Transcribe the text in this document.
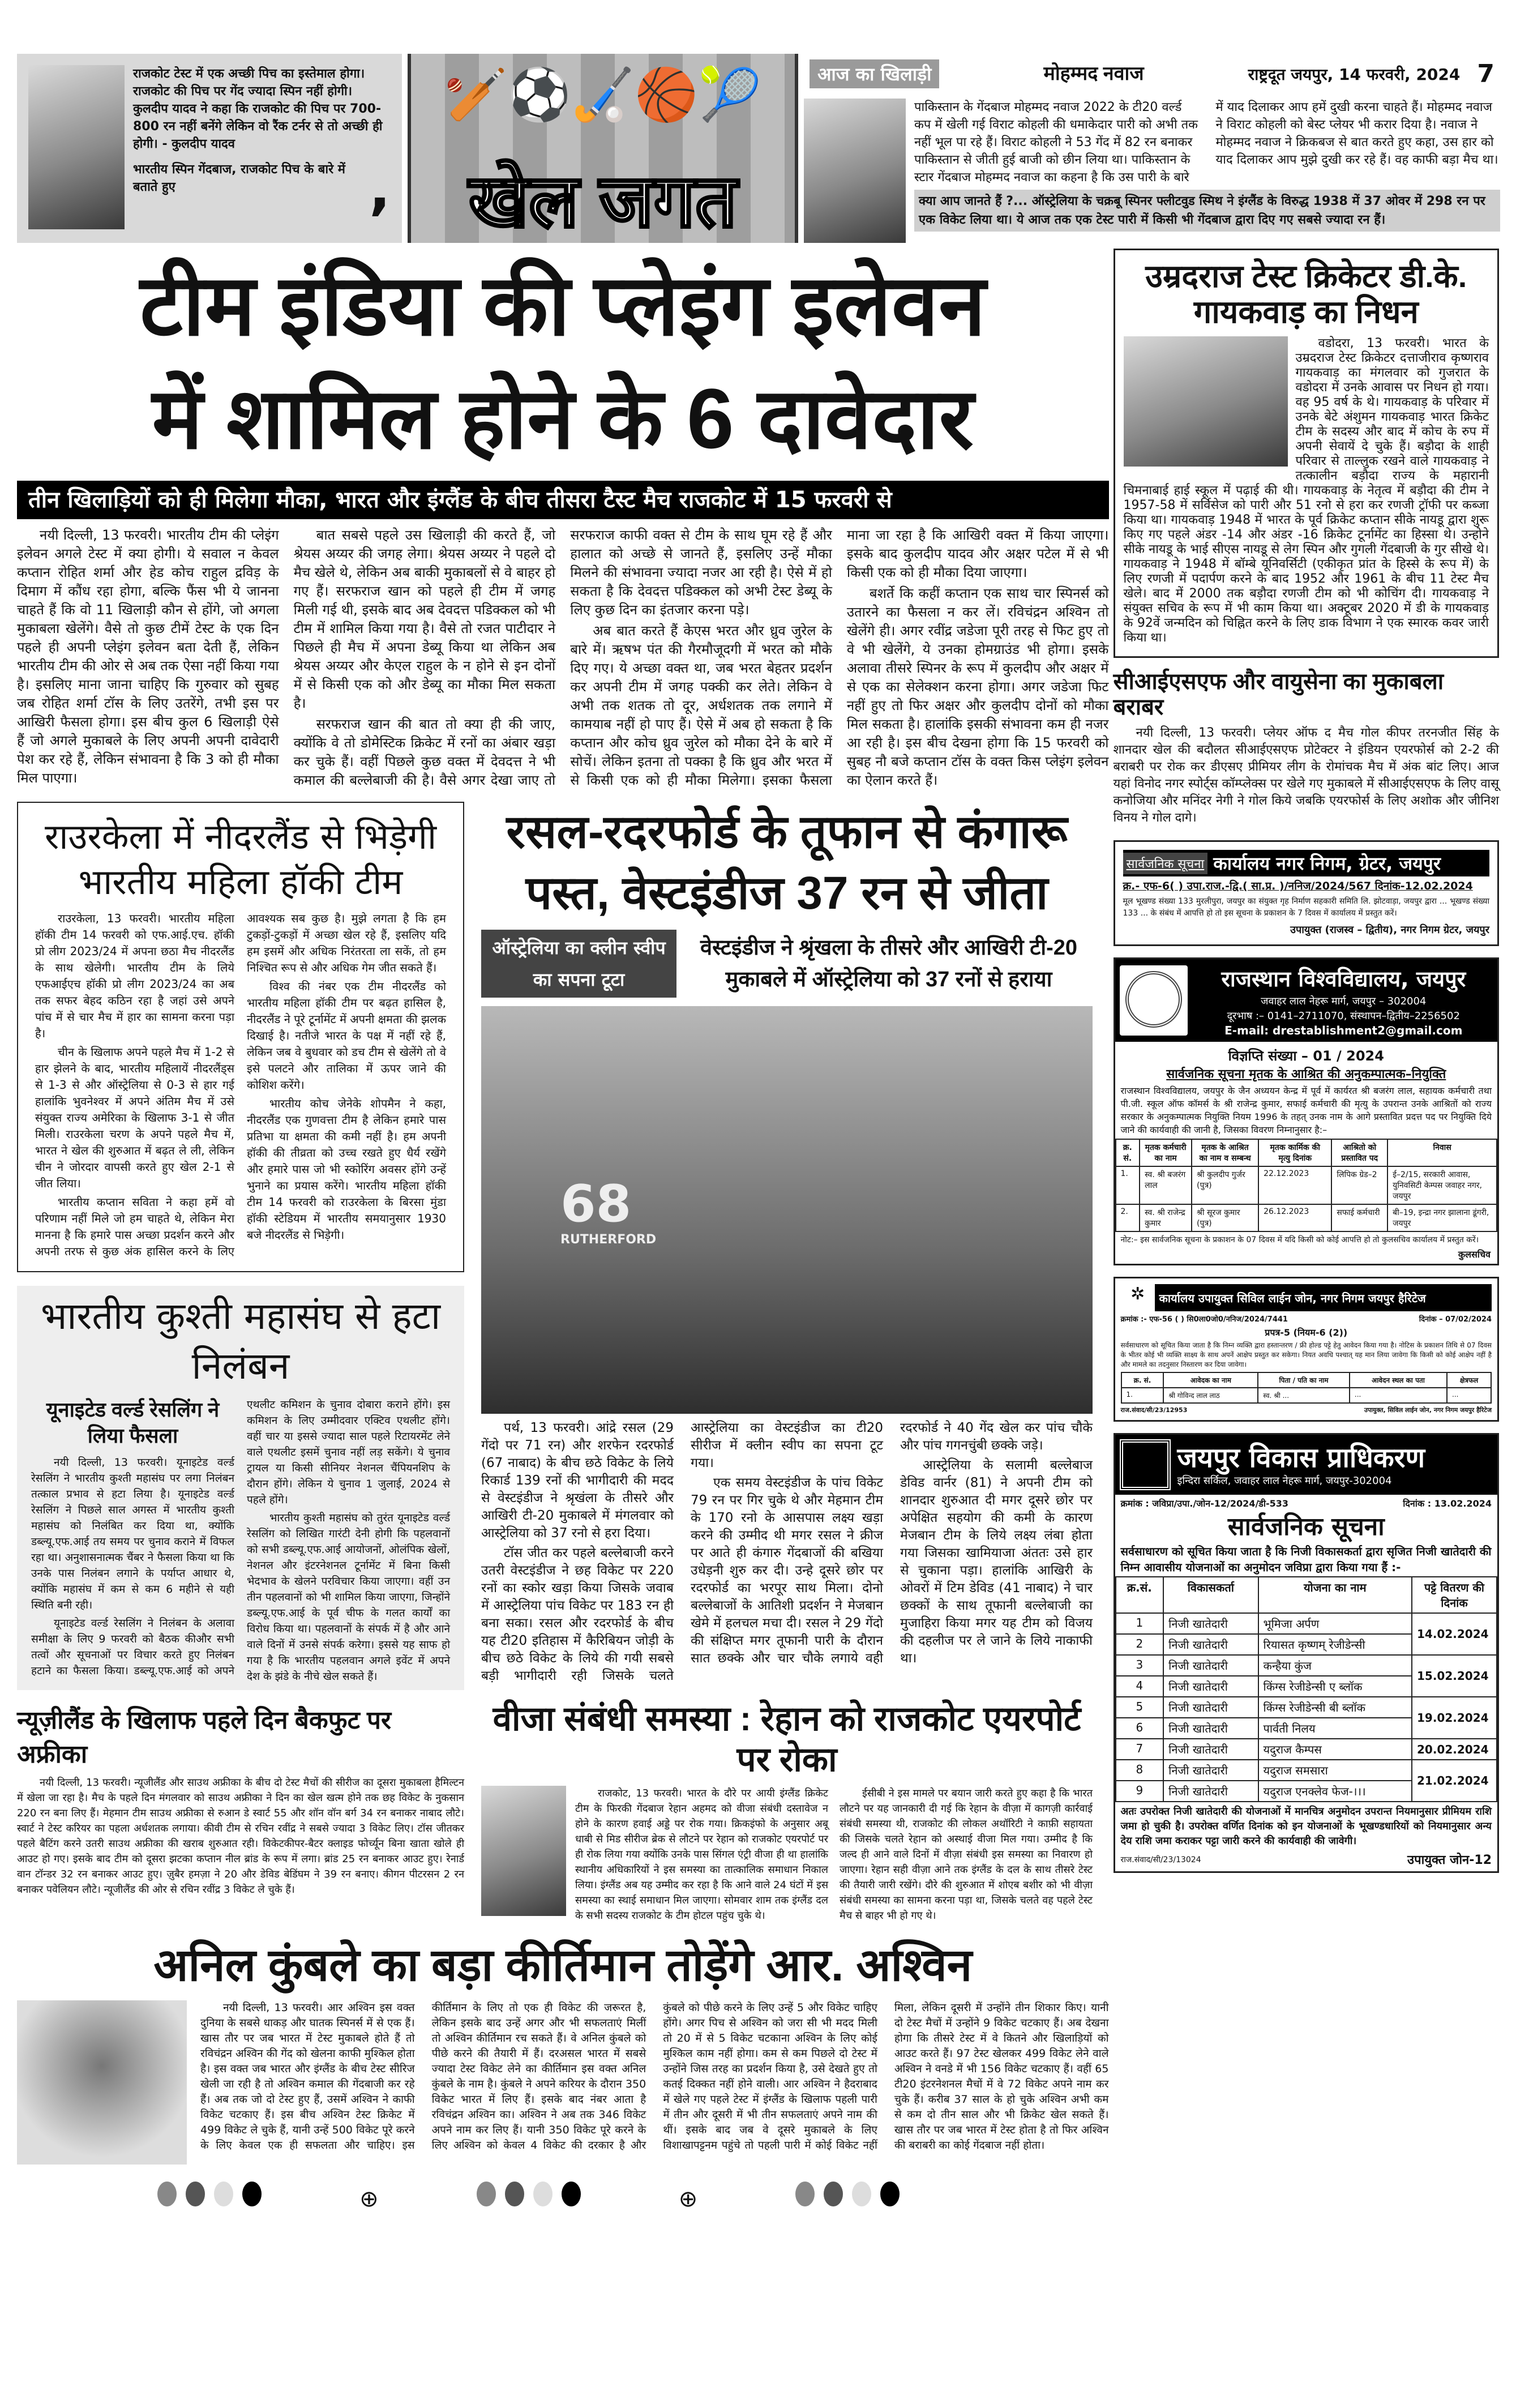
राजकोट टेस्ट में एक अच्छी पिच का इस्तेमाल होगा। राजकोट की पिच पर गेंद ज्यादा स्पिन नहीं होगी। कुलदीप यादव ने कहा कि राजकोट की पिच पर 700-800 रन नहीं बनेंगे लेकिन वो रैंक टर्नर से तो अच्छी ही होगी। - कुलदीप यादव
भारतीय स्पिन गेंदबाज, राजकोट पिच के बारे में बताते हुए	,
🏏⚽🏑🏀🎾
खेल जगत
आज का खिलाड़ी	मोहम्मद नवाज	राष्ट्रदूत जयपुर, 14 फरवरी, 2024 7
पाकिस्तान के गेंदबाज मोहम्मद नवाज 2022 के टी20 वर्ल्ड कप में खेली गई विराट कोहली की धमाकेदार पारी को अभी तक नहीं भूल पा रहे हैं। विराट कोहली ने 53 गेंद में 82 रन बनाकर पाकिस्तान से जीती हुई बाजी को छीन लिया था। पाकिस्तान के स्टार गेंदबाज मोहम्मद नवाज का कहना है कि उस पारी के बारे में याद दिलाकर आप हमें दुखी करना चाहते हैं। मोहम्मद नवाज ने विराट कोहली को बेस्ट प्लेयर भी करार दिया है। नवाज ने मोहम्मद नवाज ने क्रिकबज से बात करते हुए कहा, उस हार को याद दिलाकर आप मुझे दुखी कर रहे हैं। वह काफी बड़ा मैच था।
क्या आप जानते हैं ?... ऑस्ट्रेलिया के चक्रबू स्पिनर फ्लीटवुड स्मिथ ने इंग्लैंड के विरुद्ध 1938 में 37 ओवर में 298 रन पर एक विकेट लिया था। ये आज तक एक टेस्ट पारी में किसी भी गेंदबाज द्वारा दिए गए सबसे ज्यादा रन हैं।
टीम इंडिया की प्लेइंग इलेवन
में शामिल होने के 6 दावेदार
तीन खिलाड़ियों को ही मिलेगा मौका, भारत और इंग्लैंड के बीच तीसरा टैस्ट मैच राजकोट में 15 फरवरी से

नयी दिल्ली, 13 फरवरी। भारतीय टीम की प्लेइंग इलेवन अगले टेस्ट में क्या होगी। ये सवाल न केवल कप्तान रोहित शर्मा और हेड कोच राहुल द्रविड़ के दिमाग में कौंध रहा होगा, बल्कि फैंस भी ये जानना चाहते हैं कि वो 11 खिलाड़ी कौन से होंगे, जो अगला मुकाबला खेलेंगे। वैसे तो कुछ टीमें टेस्ट के एक दिन पहले ही अपनी प्लेइंग इलेवन बता देती हैं, लेकिन भारतीय टीम की ओर से अब तक ऐसा नहीं किया गया है। इसलिए माना जाना चाहिए कि गुरुवार को सुबह जब रोहित शर्मा टॉस के लिए उतरेंगे, तभी इस पर आखिरी फैसला होगा। इस बीच कुल 6 खिलाड़ी ऐसे हैं जो अगले मुकाबले के लिए अपनी अपनी दावेदारी पेश कर रहे हैं, लेकिन संभावना है कि 3 को ही मौका मिल पाएगा।

बात सबसे पहले उस खिलाड़ी की करते हैं, जो श्रेयस अय्यर की जगह लेगा। श्रेयस अय्यर ने पहले दो मैच खेले थे, लेकिन अब बाकी मुकाबलों से वे बाहर हो गए हैं। सरफराज खान को पहले ही टीम में जगह मिली गई थी, इसके बाद अब देवदत्त पडिक्कल को भी टीम में शामिल किया गया है। वैसे तो रजत पाटीदार ने पिछले ही मैच में अपना डेब्यू किया था लेकिन अब श्रेयस अय्यर और केएल राहुल के न होने से इन दोनों में से किसी एक को और डेब्यू का मौका मिल सकता है।

सरफराज खान की बात तो क्या ही की जाए, क्योंकि वे तो डोमेस्टिक क्रिकेट में रनों का अंबार खड़ा कर चुके हैं। वहीं पिछले कुछ वक्त में देवदत्त ने भी कमाल की बल्लेबाजी की है। वैसे अगर देखा जाए तो सरफराज काफी वक्त से टीम के साथ घूम रहे हैं और हालात को अच्छे से जानते हैं, इसलिए उन्हें मौका मिलने की संभावना ज्यादा नजर आ रही है। ऐसे में हो सकता है कि देवदत्त पडिक्कल को अभी टेस्ट डेब्यू के लिए कुछ दिन का इंतजार करना पड़े।

अब बात करते हैं केएस भरत और ध्रुव जुरेल के बारे में। ऋषभ पंत की गैरमौजूदगी में भरत को मौके दिए गए। ये अच्छा वक्त था, जब भरत बेहतर प्रदर्शन कर अपनी टीम में जगह पक्की कर लेते। लेकिन वे अभी तक शतक तो दूर, अर्धशतक तक लगाने में कामयाब नहीं हो पाए हैं। ऐसे में अब हो सकता है कि कप्तान और कोच ध्रुव जुरेल को मौका देने के बारे में सोचें। लेकिन इतना तो पक्का है कि ध्रुव और भरत में से किसी एक को ही मौका मिलेगा। इसका फैसला माना जा रहा है कि आखिरी वक्त में किया जाएगा। इसके बाद कुलदीप यादव और अक्षर पटेल में से भी किसी एक को ही मौका दिया जाएगा।

बशर्ते कि कहीं कप्तान एक साथ चार स्पिनर्स को उतारने का फैसला न कर लें। रविचंद्रन अश्विन तो खेलेंगे ही। अगर रवींद्र जडेजा पूरी तरह से फिट हुए तो वे भी खेलेंगे, ये उनका होमग्राउंड भी होगा। इसके अलावा तीसरे स्पिनर के रूप में कुलदीप और अक्षर में से एक का सेलेक्शन करना होगा। अगर जडेजा फिट नहीं हुए तो फिर अक्षर और कुलदीप दोनों को मौका मिल सकता है। हालांकि इसकी संभावना कम ही नजर आ रही है। इस बीच देखना होगा कि 15 फरवरी को सुबह नौ बजे कप्तान टॉस के वक्त किस प्लेइंग इलेवन का ऐलान करते हैं।

राउरकेला में नीदरलैंड से भिड़ेगी भारतीय महिला हॉकी टीम

राउरकेला, 13 फरवरी। भारतीय महिला हॉकी टीम 14 फरवरी को एफ.आई.एच. हॉकी प्रो लीग 2023/24 में अपना छठा मैच नीदरलैंड के साथ खेलेगी। भारतीय टीम के लिये एफआईएच हॉकी प्रो लीग 2023/24 का अब तक सफर बेहद कठिन रहा है जहां उसे अपने पांच में से चार मैच में हार का सामना करना पड़ा है।

चीन के खिलाफ अपने पहले मैच में 1-2 से हार झेलने के बाद, भारतीय महिलायें नीदरलैंड्स से 1-3 से और ऑस्ट्रेलिया से 0-3 से हार गई हालांकि भुवनेश्वर में अपने अंतिम मैच में उसे संयुक्त राज्य अमेरिका के खिलाफ 3-1 से जीत मिली। राउरकेला चरण के अपने पहले मैच में, भारत ने खेल की शुरुआत में बढ़त ले ली, लेकिन चीन ने जोरदार वापसी करते हुए खेल 2-1 से जीत लिया।

भारतीय कप्तान सविता ने कहा हमें वो परिणाम नहीं मिले जो हम चाहते थे, लेकिन मेरा मानना है कि हमारे पास अच्छा प्रदर्शन करने और अपनी तरफ से कुछ अंक हासिल करने के लिए आवश्यक सब कुछ है। मुझे लगता है कि हम टुकड़ों-टुकड़ों में अच्छा खेल रहे हैं, इसलिए यदि हम इसमें और अधिक निरंतरता ला सकें, तो हम निश्चित रूप से और अधिक गेम जीत सकते हैं।

विश्व की नंबर एक टीम नीदरलैंड को भारतीय महिला हॉकी टीम पर बढ़त हासिल है, नीदरलैंड ने पूरे टूर्नामेंट में अपनी क्षमता की झलक दिखाई है। नतीजे भारत के पक्ष में नहीं रहे हैं, लेकिन जब वे बुधवार को डच टीम से खेलेंगे तो वे इसे पलटने और तालिका में ऊपर जाने की कोशिश करेंगे।

भारतीय कोच जेनेके शोपमैन ने कहा, नीदरलैंड एक गुणवत्ता टीम है लेकिन हमारे पास प्रतिभा या क्षमता की कमी नहीं है। हम अपनी हॉकी की तीव्रता को उच्च रखते हुए धैर्य रखेंगे और हमारे पास जो भी स्कोरिंग अवसर होंगे उन्हें भुनाने का प्रयास करेंगे। भारतीय महिला हॉकी टीम 14 फरवरी को राउरकेला के बिरसा मुंडा हॉकी स्टेडियम में भारतीय समयानुसार 1930 बजे नीदरलैंड से भिड़ेगी।

भारतीय कुश्ती महासंघ से हटा निलंबन
यूनाइटेड वर्ल्ड रेसलिंग ने लिया फैसला

नयी दिल्ली, 13 फरवरी। यूनाइटेड वर्ल्ड रेसलिंग ने भारतीय कुश्ती महासंघ पर लगा निलंबन तत्काल प्रभाव से हटा लिया है। यूनाइटेड वर्ल्ड रेसलिंग ने पिछले साल अगस्त में भारतीय कुश्ती महासंघ को निलंबित कर दिया था, क्योंकि डब्ल्यू.एफ.आई तय समय पर चुनाव कराने में विफल रहा था। अनुशासनात्मक चैंबर ने फैसला किया था कि उनके पास निलंबन लगाने के पर्याप्त आधार थे, क्योंकि महासंघ में कम से कम 6 महीने से यही स्थिति बनी रही।

यूनाइटेड वर्ल्ड रेसलिंग ने निलंबन के अलावा समीक्षा के लिए 9 फरवरी को बैठक कीऔर सभी तत्वों और सूचनाओं पर विचार करते हुए निलंबन हटाने का फैसला किया। डब्ल्यू.एफ.आई को अपने एथलीट कमिशन के चुनाव दोबारा कराने होंगे। इस कमिशन के लिए उम्मीदवार एक्टिव एथलीट होंगे। वहीं चार या इससे ज्यादा साल पहले रिटायरमेंट लेने वाले एथलीट इसमें चुनाव नहीं लड़ सकेंगे। ये चुनाव ट्रायल या किसी सीनियर नेशनल चैंपियनशिप के दौरान होंगे। लेकिन ये चुनाव 1 जुलाई, 2024 से पहले होंगे।

भारतीय कुश्ती महासंघ को तुरंत यूनाइटेड वर्ल्ड रेसलिंग को लिखित गारंटी देनी होगी कि पहलवानों को सभी डब्ल्यू.एफ.आई आयोजनों, ओलंपिक खेलों, नेशनल और इंटरनेशनल टूर्नामेंट में बिना किसी भेदभाव के खेलने परविचार किया जाएगा। वहीं उन तीन पहलवानों को भी शामिल किया जाएगा, जिन्होंने डब्ल्यू.एफ.आई के पूर्व चीफ के गलत कार्यों का विरोध किया था। पहलवानों के संपर्क में है और आने वाले दिनों में उनसे संपर्क करेगा। इससे यह साफ हो गया है कि भारतीय पहलवान अगले इवेंट में अपने देश के झंडे के नीचे खेल सकते हैं।

न्यूज़ीलैंड के खिलाफ पहले दिन बैकफुट पर अफ्रीका

नयी दिल्ली, 13 फरवरी। न्यूजीलैंड और साउथ अफ्रीका के बीच दो टेस्ट मैचों की सीरीज का दूसरा मुकाबला हैमिल्टन में खेला जा रहा है। मैच के पहले दिन मंगलवार को साउथ अफ्रीका ने दिन का खेल खत्म होने तक छह विकेट के नुकसान 220 रन बना लिए हैं। मेहमान टीम साउथ अफ्रीका से रुआन डे स्वार्ट 55 और शॉन वॉन बर्ग 34 रन बनाकर नाबाद लौटे। स्वार्ट ने टेस्ट करियर का पहला अर्धशतक लगाया। कीवी टीम से रचिन रवींद्र ने सबसे ज्यादा 3 विकेट लिए। टॉस जीतकर पहले बैटिंग करने उतरी साउथ अफ्रीका की खराब शुरुआत रही। विकेटकीपर-बैटर क्लाइड फोर्च्यून बिना खाता खोले ही आउट हो गए। इसके बाद टीम को दूसरा झटका कप्तान नील ब्रांड के रूप में लगा। ब्रांड 25 रन बनाकर आउट हुए। रेनार्ड वान टॉन्डर 32 रन बनाकर आउट हुए। ज़ुबैर हमज़ा ने 20 और डेविड बेडिंघम ने 39 रन बनाए। कीगन पीटरसन 2 रन बनाकर पवेलियन लौटे। न्यूजीलैंड की ओर से रचिन रवींद्र 3 विकेट ले चुके हैं।

रसल-रदरफोर्ड के तूफान से कंगारू
पस्त, वेस्टइंडीज 37 रन से जीता
ऑस्ट्रेलिया का क्लीन स्वीप का सपना टूटा
वेस्टइंडीज ने श्रृंखला के तीसरे और आखिरी टी-20 मुकाबले में ऑस्ट्रेलिया को 37 रनों से हराया
68
RUTHERFORD

पर्थ, 13 फरवरी। आंद्रे रसल (29 गेंदो पर 71 रन) और शरफेन रदरफोर्ड (67 नाबाद) के बीच छठे विकेट के लिये रिकार्ड 139 रनों की भागीदारी की मदद से वेस्टइंडीज ने श्रृखंला के तीसरे और आखिरी टी-20 मुकाबले में मंगलवार को आस्ट्रेलिया को 37 रनो से हरा दिया।

टॉस जीत कर पहले बल्लेबाजी करने उतरी वेस्टइंडीज ने छह विकेट पर 220 रनों का स्कोर खड़ा किया जिसके जवाब में आस्ट्रेलिया पांच विकेट पर 183 रन ही बना सका। रसल और रदरफोर्ड के बीच यह टी20 इतिहास में कैरिबियन जोड़ी के बीच छठे विकेट के लिये की गयी सबसे बड़ी भागीदारी रही जिसके चलते आस्ट्रेलिया का वेस्टइंडीज का टी20 सीरीज में क्लीन स्वीप का सपना टूट गया।

एक समय वेस्टइंडीज के पांच विकेट 79 रन पर गिर चुके थे और मेहमान टीम के 170 रनो के आसपास लक्ष्य खड़ा करने की उम्मीद थी मगर रसल ने क्रीज पर आते ही कंगारु गेंदबाजों की बखिया उधेड़नी शुरु कर दी। उन्हे दूसरे छोर पर रदरफोर्ड का भरपूर साथ मिला। दोनो बल्लेबाजों के आतिशी प्रदर्शन ने मेजबान खेमे में हलचल मचा दी। रसल ने 29 गेंदो की संक्षिप्त मगर तूफानी पारी के दौरान सात छक्के और चार चौके लगाये वही रदरफोर्ड ने 40 गेंद खेल कर पांच चौके और पांच गगनचुंबी छक्के जड़े।

आस्ट्रेलिया के सलामी बल्लेबाज डेविड वार्नर (81) ने अपनी टीम को शानदार शुरुआत दी मगर दूसरे छोर पर अपेक्षित सहयोग की कमी के कारण मेजबान टीम के लिये लक्ष्य लंबा होता गया जिसका खामियाजा अंततः उसे हार से चुकाना पड़ा। हालांकि आखिरी के ओवरों में टिम डेविड (41 नाबाद) ने चार छक्कों के साथ तूफानी बल्लेबाजी का मुजाहिरा किया मगर यह टीम को विजय की दहलीज पर ले जाने के लिये नाकाफी था।

वीजा संबंधी समस्या : रेहान को राजकोट एयरपोर्ट पर रोका

राजकोट, 13 फरवरी। भारत के दौरे पर आयी इंग्लैंड क्रिकेट टीम के फिरकी गेंदबाज रेहान अहमद को वीजा संबंधी दस्तावेज न होने के कारण हवाई अड्डे पर रोक गया। क्रिकइंफो के अनुसार अबू धाबी से मिड सीरीज ब्रेक से लौटने पर रेहान को राजकोट एयरपोर्ट पर ही रोक लिया गया क्योंकि उनके पास सिंगल एंट्री वीजा ही था हालांकि स्थानीय अधिकारियों ने इस समस्या का तात्कालिक समाधान निकाल लिया। इंग्लैंड अब यह उम्मीद कर रहा है कि आने वाले 24 घंटों में इस समस्या का स्थाई समाधान मिल जाएगा। सोमवार शाम तक इंग्लैंड दल के सभी सदस्य राजकोट के टीम होटल पहुंच चुके थे।

ईसीबी ने इस मामले पर बयान जारी करते हुए कहा है कि भारत लौटने पर यह जानकारी दी गई कि रेहान के वीज़ा में कागज़ी कार्रवाई संबंधी समस्या थी, राजकोट की लोकल अथॉरिटी ने काफ़ी सहायता की जिसके चलते रेहान को अस्थाई वीजा मिल गया। उम्मीद है कि जल्द ही आने वाले दिनों में वीज़ा संबंधी इस समस्या का निवारण हो जाएगा। रेहान सही वीज़ा आने तक इंग्लैंड के दल के साथ तीसरे टेस्ट की तैयारी जारी रखेंगे। दौरे की शुरुआत में शोएब बशीर को भी वीज़ा संबंधी समस्या का सामना करना पड़ा था, जिसके चलते वह पहले टेस्ट मैच से बाहर भी हो गए थे।

अनिल कुंबले का बड़ा कीर्तिमान तोड़ेंगे आर. अश्विन

नयी दिल्ली, 13 फरवरी। आर अश्विन इस वक्त दुनिया के सबसे धाकड़ और घातक स्पिनर्स में से एक हैं। खास तौर पर जब भारत में टेस्ट मुकाबले होते हैं तो रविचंद्रन अश्विन की गेंद को खेलना काफी मुश्किल होता है। इस वक्त जब भारत और इंग्लैंड के बीच टेस्ट सीरिज खेली जा रही है तो अश्विन कमाल की गेंदबाजी कर रहे हैं। अब तक जो दो टेस्ट हुए हैं, उसमें अश्विन ने काफी विकेट चटकाए हैं। इस बीच अश्विन टेस्ट क्रिकेट में 499 विकेट ले चुके हैं, यानी उन्हें 500 विकेट पूरे करने के लिए केवल एक ही सफलता और चाहिए। इस कीर्तिमान के लिए तो एक ही विकेट की जरूरत है, लेकिन इसके बाद उन्हें अगर और भी सफलताएं मिलीं तो अश्विन कीर्तिमान रच सकते हैं। वे अनिल कुंबले को पीछे करने की तैयारी में हैं। दरअसल भारत में सबसे ज्यादा टेस्ट विकेट लेने का कीर्तिमान इस वक्त अनिल कुंबले के नाम है। कुंबले ने अपने करियर के दौरान 350 विकेट भारत में लिए हैं। इसके बाद नंबर आता है रविचंद्रन अश्विन का। अश्विन ने अब तक 346 विकेट अपने नाम कर लिए हैं। यानी 350 विकेट पूरे करने के लिए अश्विन को केवल 4 विकेट की दरकार है और कुंबले को पीछे करने के लिए उन्हें 5 और विकेट चाहिए होंगे। अगर पिच से अश्विन को जरा सी भी मदद मिली तो 20 में से 5 विकेट चटकाना अश्विन के लिए कोई मुश्किल काम नहीं होगा। कम से कम पिछले दो टेस्ट में उन्होंने जिस तरह का प्रदर्शन किया है, उसे देखते हुए तो कतई दिक्कत नहीं होने वाली। आर अश्विन ने हैदराबाद में खेले गए पहले टेस्ट में इंग्लैंड के खिलाफ पहली पारी में तीन और दूसरी में भी तीन सफलताएं अपने नाम की थीं। इसके बाद जब वे दूसरे मुकाबले के लिए विशाखापट्टनम पहुंचे तो पहली पारी में कोई विकेट नहीं मिला, लेकिन दूसरी में उन्होंने तीन शिकार किए। यानी दो टेस्ट मैचों में उन्होंने 9 विकेट चटकाए हैं। अब देखना होगा कि तीसरे टेस्ट में वे कितने और खिलाड़ियों को आउट करते हैं। 97 टेस्ट खेलकर 499 विकेट लेने वाले अश्विन ने वनडे में भी 156 विकेट चटकाए हैं। वहीं 65 टी20 इंटरनेशनल मैचों में वे 72 विकेट अपने नाम कर चुके हैं। करीब 37 साल के हो चुके अश्विन अभी कम से कम दो तीन साल और भी क्रिकेट खेल सकते हैं। खास तौर पर जब भारत में टेस्ट होता है तो फिर अश्विन की बराबरी का कोई गेंदबाज नहीं होता।

उम्रदराज टेस्ट क्रिकेटर डी.के. गायकवाड़ का निधन

वडोदरा, 13 फरवरी। भारत के उम्रदराज टेस्ट क्रिकेटर दत्ताजीराव कृष्णराव गायकवाड़ का मंगलवार को गुजरात के वडोदरा में उनके आवास पर निधन हो गया। वह 95 वर्ष के थे। गायकवाड़ के परिवार में उनके बेटे अंशुमन गायकवाड़ भारत क्रिकेट टीम के सदस्य और बाद में कोच के रुप में अपनी सेवायें दे चुके हैं। बड़ौदा के शाही परिवार से ताल्लुक रखने वाले गायकवाड़ ने तत्कालीन बड़ौदा राज्य के महारानी चिमनाबाई हाई स्कूल में पढ़ाई की थी। गायकवाड़ के नेतृत्व में बड़ौदा की टीम ने 1957-58 में सर्विसेज को पारी और 51 रनो से हरा कर रणजी ट्रॉफी पर कब्जा किया था। गायकवाड़ 1948 में भारत के पूर्व क्रिकेट कप्तान सीके नायडू द्वारा शुरू किए गए पहले अंडर -14 और अंडर -16 क्रिकेट टूर्नामेंट का हिस्सा थे। उन्होने सीके नायडू के भाई सीएस नायडू से लेग स्पिन और गुगली गेंदबाजी के गुर सीखे थे। गायकवाड़ ने 1948 में बॉम्बे यूनिवर्सिटी (एकीकृत प्रांत के हिस्से के रूप में) के लिए रणजी में पदार्पण करने के बाद 1952 और 1961 के बीच 11 टेस्ट मैच खेले। बाद में 2000 तक बड़ौदा रणजी टीम को भी कोचिंग दी। गायकवाड़ ने संयुक्त सचिव के रूप में भी काम किया था। अक्टूबर 2020 में डी के गायकवाड़ के 92वें जन्मदिन को चिह्नित करने के लिए डाक विभाग ने एक स्मारक कवर जारी किया था।

सीआईएसएफ और वायुसेना का मुकाबला बराबर

नयी दिल्ली, 13 फरवरी। प्लेयर ऑफ द मैच गोल कीपर तरनजीत सिंह के शानदार खेल की बदौलत सीआईएसएफ प्रोटेक्टर ने इंडियन एयरफोर्स को 2-2 की बराबरी पर रोक कर डीएसए प्रीमियर लीग के रोमांचक मैच में अंक बांट लिए। आज यहां विनोद नगर स्पोर्ट्स कॉम्प्लेक्स पर खेले गए मुकाबले में सीआईएसएफ के लिए वासू कनोजिया और मनिंदर नेगी ने गोल किये जबकि एयरफोर्स के लिए अशोक और जीनिश विनय ने गोल दागे।

सार्वजनिक सूचना कार्यालय नगर निगम, ग्रेटर, जयपुर
क्र.- एफ-6( ) उपा.राज.-द्वि.( सा.प्र. )/ननिज/2024/567 दिनांक-12.02.2024
मूल भूखण्ड संख्या 133 मुरलीपुरा, जयपुर का संयुक्त गृह निर्माण सहकारी समिति लि. झोटवाड़ा, जयपुर द्वारा ... भूखण्ड संख्या 133 ... के संबंध में आपत्ति हो तो इस सूचना के प्रकाशन के 7 दिवस में कार्यालय में प्रस्तुत करें।
उपायुक्त (राजस्व – द्वितीय), नगर निगम ग्रेटर, जयपुर
राजस्थान विश्वविद्यालय, जयपुर
जवाहर लाल नेहरू मार्ग, जयपुर – 302004
दूरभाष :– 0141–2711070, संस्थापन–द्वितीय–2256502
E-mail: drestablishment2@gmail.com
विज्ञप्ति संख्या – 01 / 2024
सार्वजनिक सूचना मृतक के आश्रित की अनुकम्पात्मक–नियुक्ति
राजस्थान विश्वविद्यालय, जयपुर के जैन अध्ययन केन्द्र में पूर्व में कार्यरत श्री बजरंग लाल, सहायक कर्मचारी तथा पी.जी. स्कूल ऑफ कॉमर्स के श्री राजेन्द्र कुमार, सफाई कर्मचारी की मृत्यु के उपरान्त उनके आश्रितों को राज्य सरकार के अनुकम्पात्मक नियुक्ति नियम 1996 के तहत् उनक नाम के आगे प्रस्तावित प्रदत्त पद पर नियुक्ति दिये जाने की कार्यवाही की जानी है, जिसका विवरण निम्नानुसार है:–
क्र. सं.	मृतक कर्मचारी का नाम	मृतक के आश्रित का नाम व सम्बन्ध	मृतक कार्मिक की मृत्यु दिनांक	आश्रितो को प्रस्तावित पद	निवास
1.	स्व. श्री बजरंग लाल	श्री कुलदीप गुर्जर (पुत्र)	22.12.2023	लिपिक ग्रेड–2	ई–2/15, सरकारी आवास, युनिवसिटी केम्पस जवाहर नगर, जयपुर
2.	स्व. श्री राजेन्द्र कुमार	श्री सूरज कुमार (पुत्र)	26.12.2023	सफाई कर्मचारी	बी–19, इन्द्रा नगर झालाना डूंगरी, जयपुर
नोट:– इस सार्वजनिक सूचना के प्रकाशन के 07 दिवस में यदि किसी को कोई आपत्ति हो तो कुलसचिव कार्यालय में प्रस्तुत करें।
कुलसचिव
✲	कार्यालय उपायुक्त सिविल लाईन जोन, नगर निगम जयपुर हैरिटेज
क्रमांक :- एफ-56 ( ) सि0ला0जो0/ननिज/2024/7441	दिनांक – 07/02/2024
प्रपत्र-5 (नियम-6 (2))
सर्वसाधारण को सूचित किया जाता है कि निम्न व्यक्ति द्वारा हस्तान्तरण / फ्री होल्ड पट्टे हेतु आवेदन किया गया है। नोटिस के प्रकाशन तिथि से 07 दिवस के भीतर कोई भी व्यक्ति साक्ष्य के साथ अपनें आक्षेप प्रस्तुत कर सकेगा। नियत अवधि पश्चात् यह मान लिया जावेगा कि किसी को कोई आक्षेप नहीं है और मामले का तदनुसार निस्तारण कर दिया जावेगा।
क्र. सं.	आवेदक का नाम	पिता / पति का नाम	आवेदन स्थल का पता	क्षेत्रफल
1.	श्री गोविन्द लाल लाठ	स्व. श्री ...	...	...
राज.संवाद/सी/23/12953	उपायुक्त, सिविल लाईन जोन, नगर निगम जयपुर हैरिटेज
जयपुर विकास प्राधिकरण
इन्दिरा सर्किल, जवाहर लाल नेहरू मार्ग, जयपुर-302004
क्रमांक : जविप्रा/उपा./जोन-12/2024/डी-533	दिनांक : 13.02.2024
सार्वजनिक सूचना
सर्वसाधारण को सूचित किया जाता है कि निजी विकासकर्ता द्वारा सृजित निजी खातेदारी की निम्न आवासीय योजनाओं का अनुमोदन जविप्रा द्वारा किया गया हैं :-
क्र.सं.	विकासकर्ता	योजना का नाम	पट्टे वितरण की दिनांक
1	निजी खातेदारी	भूमिजा अर्पण	14.02.2024
2	निजी खातेदारी	रियासत कृष्णम् रेजीडेन्सी	
3	निजी खातेदारी	कन्हैया कुंज	15.02.2024
4	निजी खातेदारी	किंग्स रेजीडेन्सी ए ब्लॉक	
5	निजी खातेदारी	किंग्स रेजीडेन्सी बी ब्लॉक	19.02.2024
6	निजी खातेदारी	पार्वती निलय	
7	निजी खातेदारी	यदुराज कैम्पस	20.02.2024
8	निजी खातेदारी	यदुराज समसारा	21.02.2024
9	निजी खातेदारी	यदुराज एनक्लेव फेज-।।।	
अतः उपरोक्त निजी खातेदारी की योजनाओं में मानचित्र अनुमोदन उपरान्त नियमानुसार प्रीमियम राशि जमा हो चुकी है। उपरोक्त वर्णित दिनांक को इन योजनाओं के भूखण्डधारियों को नियमानुसार अन्य देय राशि जमा कराकर पट्टा जारी करने की कार्यवाही की जावेगी।
राज.संवाद/सी/23/13024	उपायुक्त जोन-12
⊕	⊕
